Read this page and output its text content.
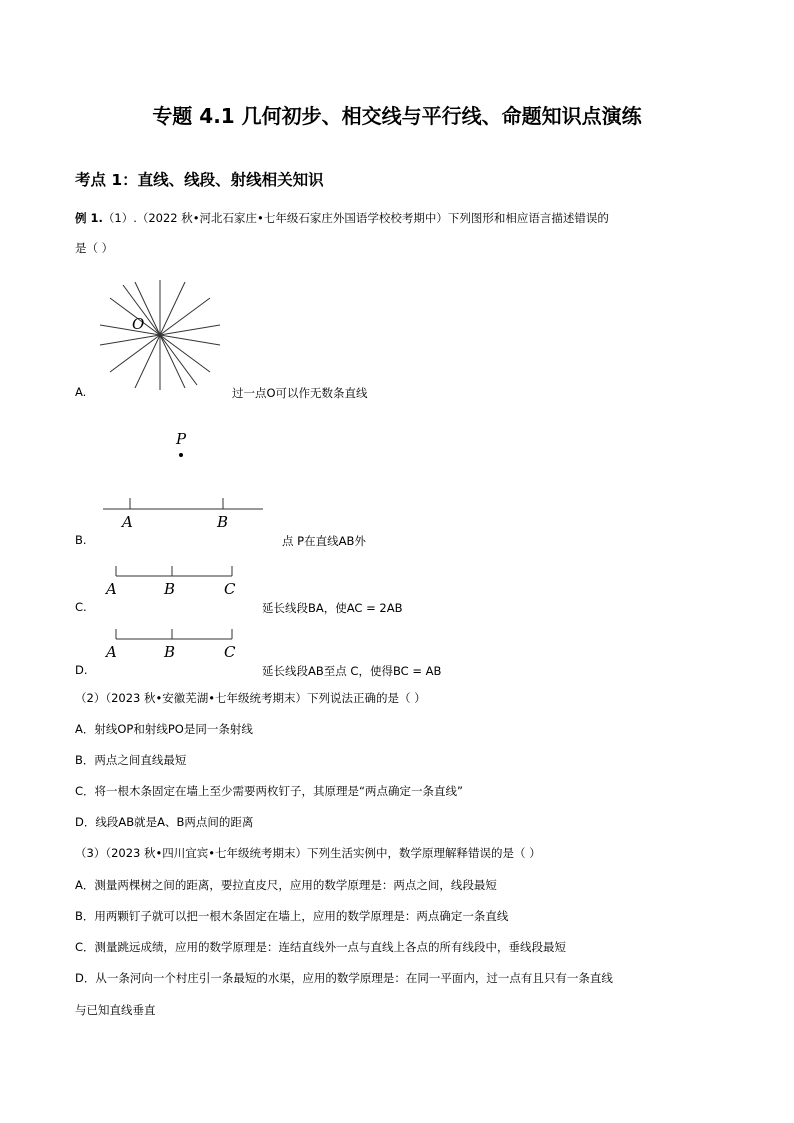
专题 4.1 几何初步、相交线与平行线、命题知识点演练
考点 1：直线、线段、射线相关知识
例 1.（1）.（2022 秋•河北石家庄•七年级石家庄外国语学校校考期中）下列图形和相应语言描述错误的
是（ ）
O
A.	过一点O可以作无数条直线
P
A	B
B.	点 P在直线AB外
A	B	C
C.	延长线段BA，使AC = 2AB
A	B	C
D.	延长线段AB至点 C，使得BC = AB
（2）（2023 秋•安徽芜湖•七年级统考期末）下列说法正确的是（ ）
A．射线OP和射线PO是同一条射线
B．两点之间直线最短
C．将一根木条固定在墙上至少需要两枚钉子，其原理是“两点确定一条直线”
D．线段AB就是A、B两点间的距离
（3）（2023 秋•四川宜宾•七年级统考期末）下列生活实例中，数学原理解释错误的是（ ）
A．测量两棵树之间的距离，要拉直皮尺，应用的数学原理是：两点之间，线段最短
B．用两颗钉子就可以把一根木条固定在墙上，应用的数学原理是：两点确定一条直线
C．测量跳远成绩，应用的数学原理是：连结直线外一点与直线上各点的所有线段中，垂线段最短
D．从一条河向一个村庄引一条最短的水渠，应用的数学原理是：在同一平面内，过一点有且只有一条直线
与已知直线垂直
